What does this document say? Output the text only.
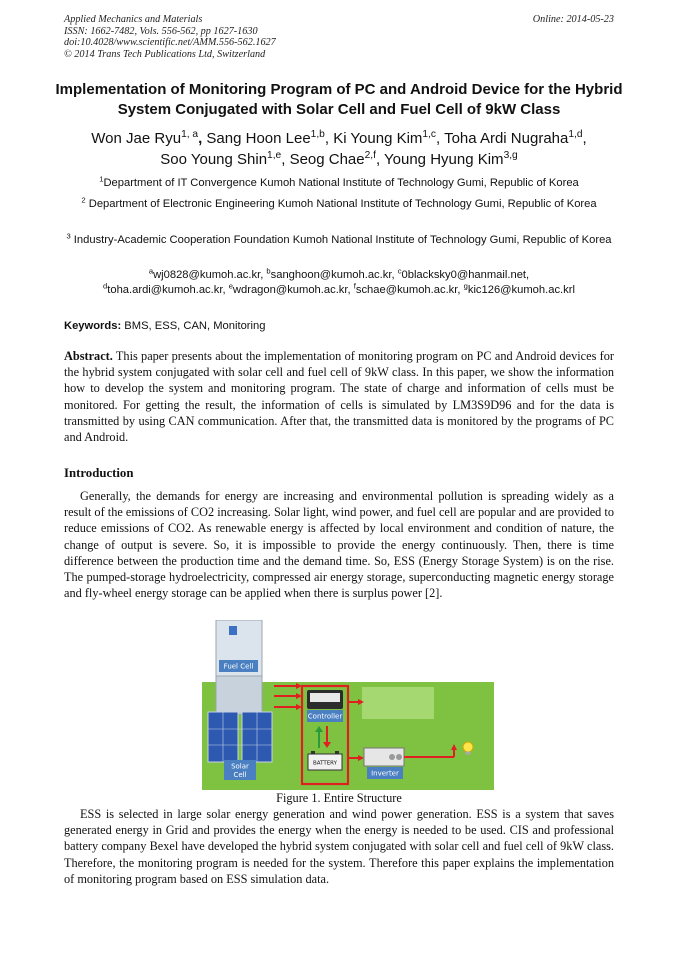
Applied Mechanics and Materials
ISSN: 1662-7482, Vols. 556-562, pp 1627-1630
doi:10.4028/www.scientific.net/AMM.556-562.1627
© 2014 Trans Tech Publications Ltd, Switzerland
Online: 2014-05-23
Implementation of Monitoring Program of PC and Android Device for the Hybrid System Conjugated with Solar Cell and Fuel Cell of 9kW Class
Won Jae Ryu$^{1, a}$, Sang Hoon Lee$^{1,b}$, Ki Young Kim$^{1,c}$, Toha Ardi Nugraha$^{1,d}$,
Soo Young Shin$^{1,e}$, Seog Chae$^{2,f}$, Young Hyung Kim$^{3,g}$
$^1$Department of IT Convergence Kumoh National Institute of Technology Gumi, Republic of Korea
$^2$ Department of Electronic Engineering Kumoh National Institute of Technology Gumi, Republic of Korea
$^3$ Industry-Academic Cooperation Foundation Kumoh National Institute of Technology Gumi, Republic of Korea
$^a$wj0828@kumoh.ac.kr, $^b$sanghoon@kumoh.ac.kr, $^c$0blacksky0@hanmail.net,
$^d$toha.ardi@kumoh.ac.kr, $^e$wdragon@kumoh.ac.kr, $^f$schae@kumoh.ac.kr, $^g$kic126@kumoh.ac.krl
Keywords: BMS, ESS, CAN, Monitoring
Abstract. This paper presents about the implementation of monitoring program on PC and Android devices for the hybrid system conjugated with solar cell and fuel cell of 9kW class. In this paper, we show the information how to develop the system and monitoring program. The state of charge and information of cells must be monitored. For getting the result, the information of cells is simulated by LM3S9D96 and for the data is transmitted by using CAN communication. After that, the transmitted data is monitored by the programs of PC and Android.
Introduction
Generally, the demands for energy are increasing and environmental pollution is spreading widely as a result of the emissions of CO2 increasing. Solar light, wind power, and fuel cell are popular and are provided to reduce emissions of CO2. As renewable energy is affected by local environment and condition of nature, the change of output is severe. So, it is impossible to provide the energy continuously. Then, there is time difference between the production time and the demand time. So, ESS (Energy Storage System) is on the rise. The pumped-storage hydroelectricity, compressed air energy storage, superconducting magnetic energy storage and fly-wheel energy storage can be applied when there is surplus power [2].
Fuel Cell
Solar
Cell
Controller
BATTERY
Inverter
Figure 1. Entire Structure
ESS is selected in large solar energy generation and wind power generation. ESS is a system that saves generated energy in Grid and provides the energy when the energy is needed to be used. CIS and professional battery company Bexel have developed the hybrid system conjugated with solar cell and fuel cell of 9kW class. Therefore, the monitoring program is needed for the system. Therefore this paper explains the implementation of monitoring program based on ESS simulation data.
